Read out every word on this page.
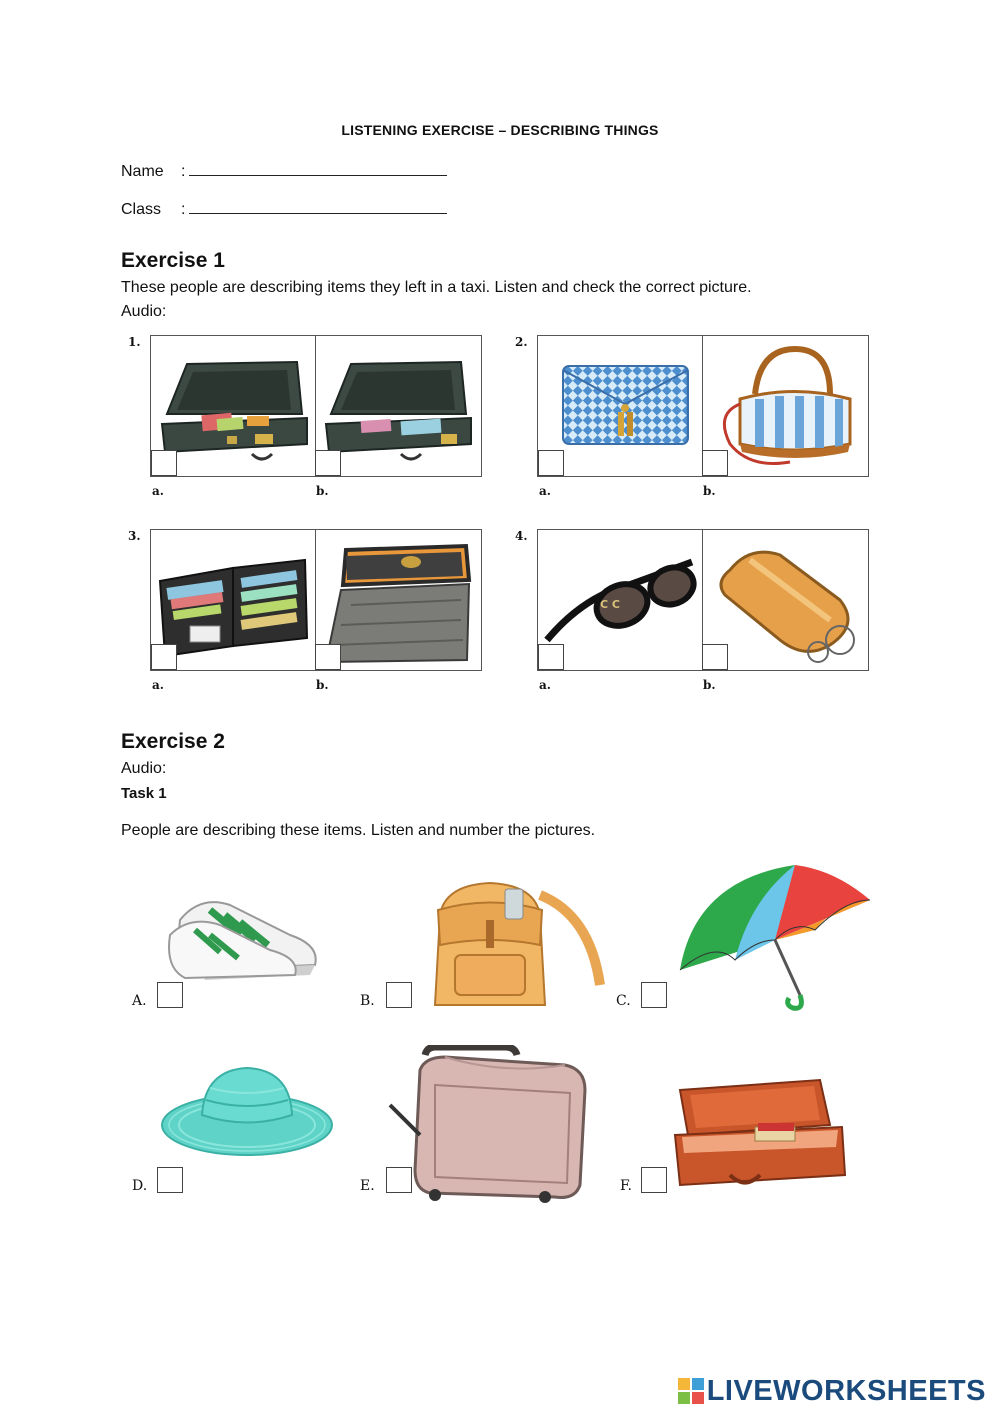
LISTENING EXERCISE – DESCRIBING THINGS
Name :
Class :
Exercise 1
These people are describing items they left in a taxi. Listen and check the correct picture.
Audio:
1.
a.	b.
2.
a.	b.
3.
a.	b.
4.
C C
a.	b.
Exercise 2
Audio:
Task 1
People are describing these items. Listen and number the pictures.
A.	B.	C.
D.	E.	F.
LIVEWORKSHEETS
